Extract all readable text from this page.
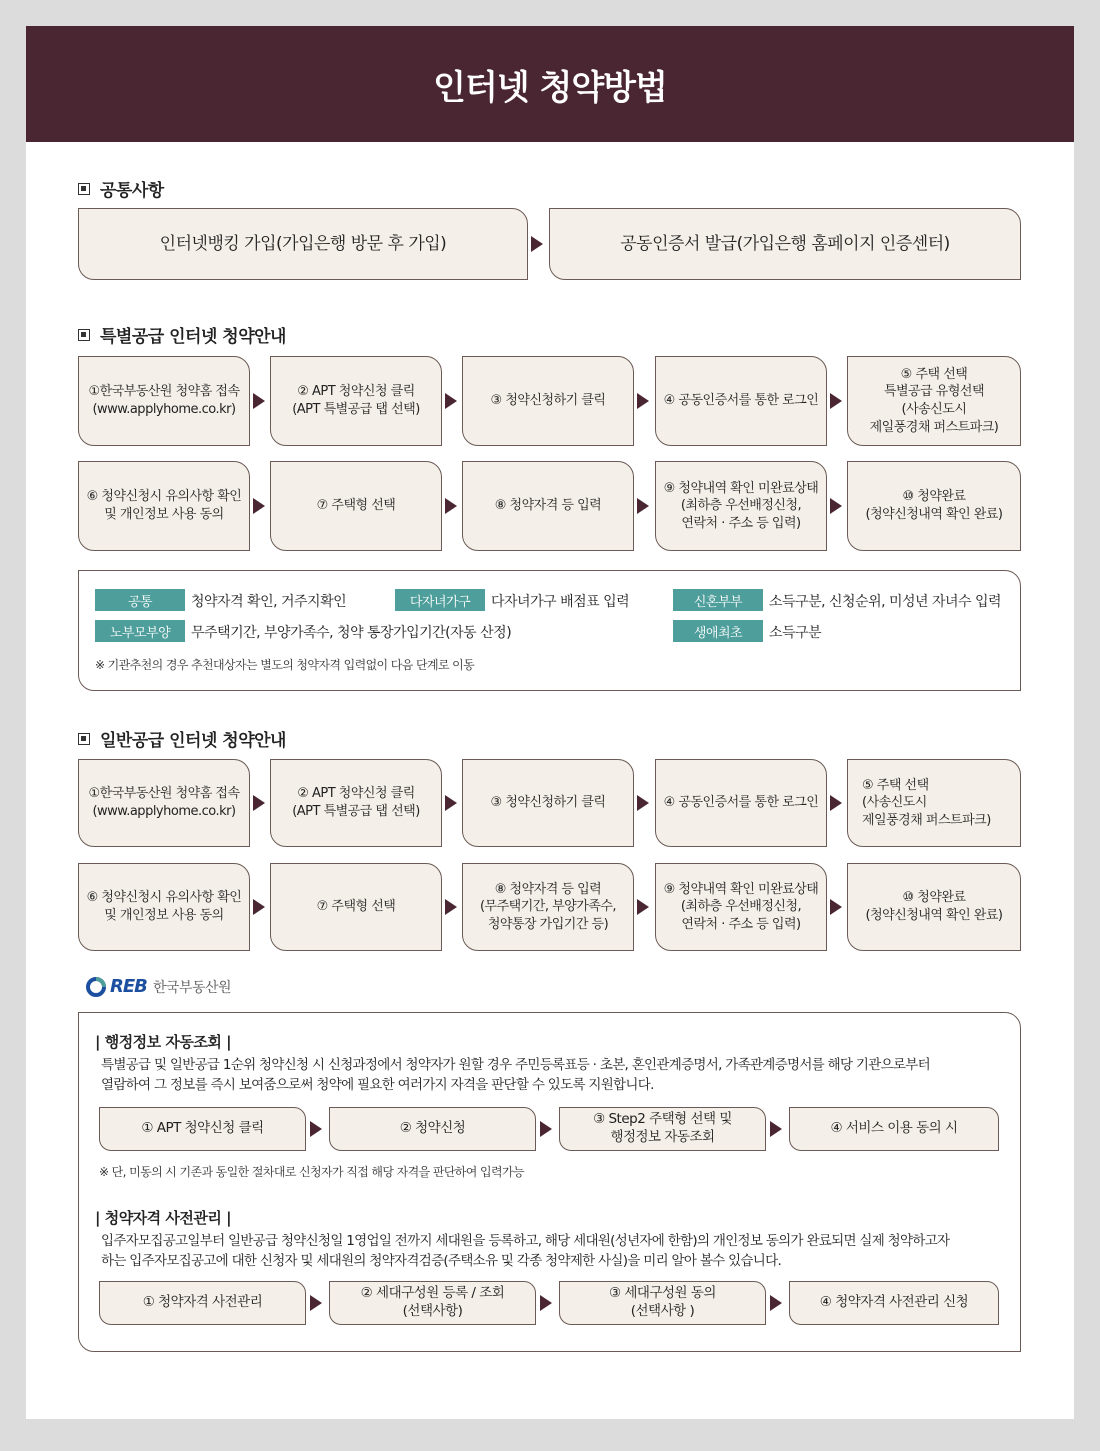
인터넷 청약방법
공통사항
인터넷뱅킹 가입(가입은행 방문 후 가입)	공동인증서 발급(가입은행 홈페이지 인증센터)
특별공급 인터넷 청약안내
①한국부동산원 청약홈 접속
(www.applyhome.co.kr)
② APT 청약신청 클릭
(APT 특별공급 탭 선택)
③ 청약신청하기 클릭	④ 공동인증서를 통한 로그인
⑤ 주택 선택
특별공급 유형선택
(사송신도시
제일풍경채 퍼스트파크)
⑥ 청약신청시 유의사항 확인
및 개인정보 사용 동의
⑦ 주택형 선택	⑧ 청약자격 등 입력
⑨ 청약내역 확인 미완료상태
(최하층 우선배정신청,
연락처 · 주소 등 입력)
⑩ 청약완료
(청약신청내역 확인 완료)
공통	청약자격 확인, 거주지확인	다자녀가구	다자녀가구 배점표 입력	신혼부부	소득구분, 신청순위, 미성년 자녀수 입력
노부모부양	무주택기간, 부양가족수, 청약 통장가입기간(자동 산정)	생애최초	소득구분
※ 기관추천의 경우 추천대상자는 별도의 청약자격 입력없이 다음 단계로 이동
일반공급 인터넷 청약안내
①한국부동산원 청약홈 접속
(www.applyhome.co.kr)
② APT 청약신청 클릭
(APT 특별공급 탭 선택)
③ 청약신청하기 클릭	④ 공동인증서를 통한 로그인
⑤ 주택 선택
(사송신도시
제일풍경채 퍼스트파크)
⑥ 청약신청시 유의사항 확인
및 개인정보 사용 동의
⑦ 주택형 선택
⑧ 청약자격 등 입력
(무주택기간, 부양가족수,
청약통장 가입기간 등)
⑨ 청약내역 확인 미완료상태
(최하층 우선배정신청,
연락처 · 주소 등 입력)
⑩ 청약완료
(청약신청내역 확인 완료)
REB 한국부동산원
| 행정정보 자동조회 |
특별공급 및 일반공급 1순위 청약신청 시 신청과정에서 청약자가 원할 경우 주민등록표등 · 초본, 혼인관계증명서, 가족관계증명서를 해당 기관으로부터
열람하여 그 정보를 즉시 보여줌으로써 청약에 필요한 여러가지 자격을 판단할 수 있도록 지원합니다.
① APT 청약신청 클릭	② 청약신청
③ Step2 주택형 선택 및
행정정보 자동조회
④ 서비스 이용 동의 시
※ 단, 미동의 시 기존과 동일한 절차대로 신청자가 직접 해당 자격을 판단하여 입력가능
| 청약자격 사전관리 |
입주자모집공고일부터 일반공급 청약신청일 1영업일 전까지 세대원을 등록하고, 해당 세대원(성년자에 한함)의 개인정보 동의가 완료되면 실제 청약하고자
하는 입주자모집공고에 대한 신청자 및 세대원의 청약자격검증(주택소유 및 각종 청약제한 사실)을 미리 알아 볼수 있습니다.
① 청약자격 사전관리
② 세대구성원 등록 / 조회
(선택사항)
③ 세대구성원 동의
(선택사항 )
④ 청약자격 사전관리 신청
